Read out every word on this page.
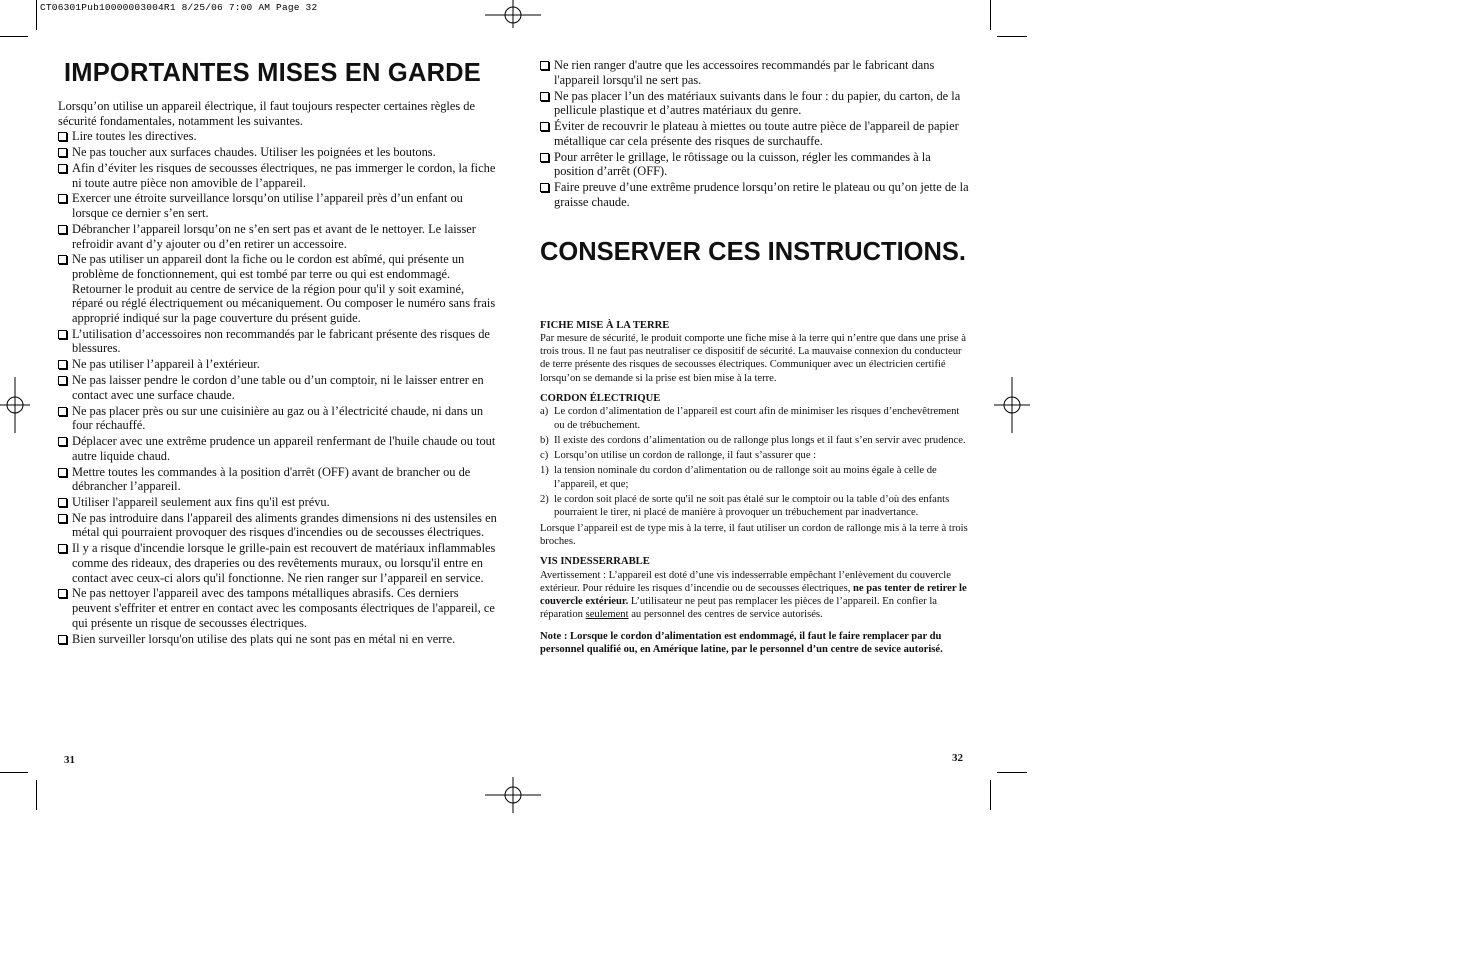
CT06301Pub10000003004R1 8/25/06 7:00 AM Page 32
IMPORTANTES MISES EN GARDE

Lorsqu’on utilise un appareil électrique, il faut toujours respecter certaines règles de sécurité fondamentales, notamment les suivantes.

Lire toutes les directives.
Ne pas toucher aux surfaces chaudes. Utiliser les poignées et les boutons.
Afin d’éviter les risques de secousses électriques, ne pas immerger le cordon, la fiche ni toute autre pièce non amovible de l’appareil.
Exercer une étroite surveillance lorsqu’on utilise l’appareil près d’un enfant ou lorsque ce dernier s’en sert.
Débrancher l’appareil lorsqu’on ne s’en sert pas et avant de le nettoyer. Le laisser refroidir avant d’y ajouter ou d’en retirer un accessoire.
Ne pas utiliser un appareil dont la fiche ou le cordon est abîmé, qui présente un problème de fonctionnement, qui est tombé par terre ou qui est endommagé. Retourner le produit au centre de service de la région pour qu'il y soit examiné, réparé ou réglé électriquement ou mécaniquement. Ou composer le numéro sans frais approprié indiqué sur la page couverture du présent guide.
L’utilisation d’accessoires non recommandés par le fabricant présente des risques de blessures.
Ne pas utiliser l’appareil à l’extérieur.
Ne pas laisser pendre le cordon d’une table ou d’un comptoir, ni le laisser entrer en contact avec une surface chaude.
Ne pas placer près ou sur une cuisinière au gaz ou à l’électricité chaude, ni dans un four réchauffé.
Déplacer avec une extrême prudence un appareil renfermant de l'huile chaude ou tout autre liquide chaud.
Mettre toutes les commandes à la position d'arrêt (OFF) avant de brancher ou de débrancher l’appareil.
Utiliser l'appareil seulement aux fins qu'il est prévu.
Ne pas introduire dans l'appareil des aliments grandes dimensions ni des ustensiles en métal qui pourraient provoquer des risques d'incendies ou de secousses électriques.
Il y a risque d'incendie lorsque le grille-pain est recouvert de matériaux inflammables comme des rideaux, des draperies ou des revêtements muraux, ou lorsqu'il entre en contact avec ceux-ci alors qu'il fonctionne. Ne rien ranger sur l’appareil en service.
Ne pas nettoyer l'appareil avec des tampons métalliques abrasifs. Ces derniers peuvent s'effriter et entrer en contact avec les composants électriques de l'appareil, ce qui présente un risque de secousses électriques.
Bien surveiller lorsqu'on utilise des plats qui ne sont pas en métal ni en verre.
31
Ne rien ranger d'autre que les accessoires recommandés par le fabricant dans l'appareil lorsqu'il ne sert pas.
Ne pas placer l’un des matériaux suivants dans le four : du papier, du carton, de la pellicule plastique et d’autres matériaux du genre.
Éviter de recouvrir le plateau à miettes ou toute autre pièce de l'appareil de papier métallique car cela présente des risques de surchauffe.
Pour arrêter le grillage, le rôtissage ou la cuisson, régler les commandes à la position d’arrêt (OFF).
Faire preuve d’une extrême prudence lorsqu’on retire le plateau ou qu’on jette de la graisse chaude.
CONSERVER CES INSTRUCTIONS.

FICHE MISE À LA TERRE

Par mesure de sécurité, le produit comporte une fiche mise à la terre qui n’entre que dans une prise à trois trous. Il ne faut pas neutraliser ce dispositif de sécurité. La mauvaise connexion du conducteur de terre présente des risques de secousses électriques. Communiquer avec un électricien certifié lorsqu’on se demande si la prise est bien mise à la terre.

CORDON ÉLECTRIQUE

a) Le cordon d’alimentation de l’appareil est court afin de minimiser les risques d’enchevêtrement ou de trébuchement.
b) Il existe des cordons d’alimentation ou de rallonge plus longs et il faut s’en servir avec prudence.
c) Lorsqu’on utilise un cordon de rallonge, il faut s’assurer que :
1) la tension nominale du cordon d’alimentation ou de rallonge soit au moins égale à celle de l’appareil, et que;
2) le cordon soit placé de sorte qu'il ne soit pas étalé sur le comptoir ou la table d’où des enfants pourraient le tirer, ni placé de manière à provoquer un trébuchement par inadvertance.

Lorsque l’appareil est de type mis à la terre, il faut utiliser un cordon de rallonge mis à la terre à trois broches.

VIS INDESSERRABLE

Avertissement : L’appareil est doté d’une vis indesserrable empêchant l’enlèvement du couvercle extérieur. Pour réduire les risques d’incendie ou de secousses électriques, ne pas tenter de retirer le couvercle extérieur. L’utilisateur ne peut pas remplacer les pièces de l’appareil. En confier la réparation seulement au personnel des centres de service autorisés.

Note : Lorsque le cordon d’alimentation est endommagé, il faut le faire remplacer par du personnel qualifié ou, en Amérique latine, par le personnel d’un centre de sevice autorisé.

32
